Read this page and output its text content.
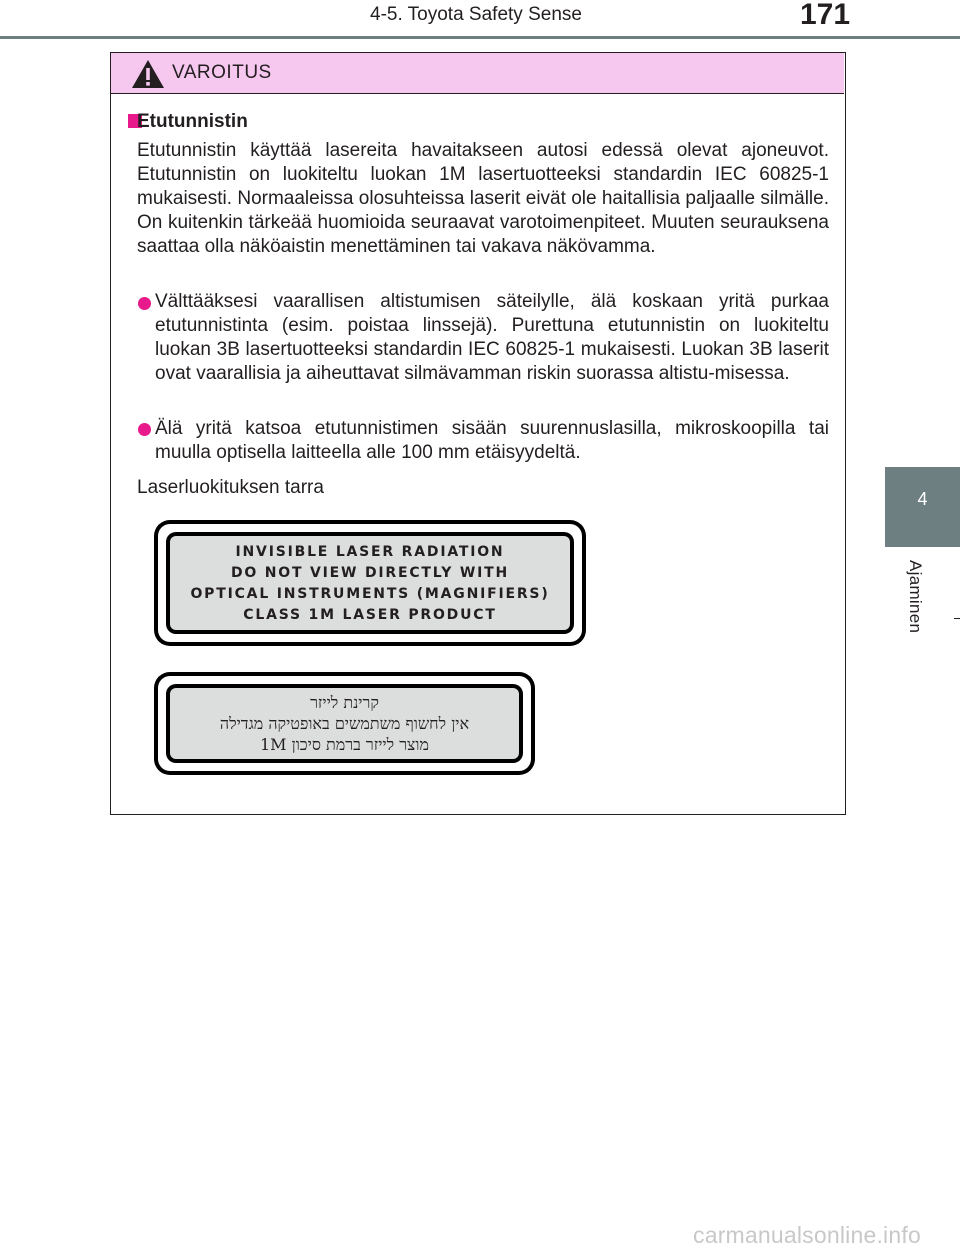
4-5. Toyota Safety Sense	171
4
Ajaminen
VAROITUS
Etutunnistin
Etutunnistin käyttää lasereita havaitakseen autosi edessä olevat ajoneuvot. Etutunnistin on luokiteltu luokan 1M lasertuotteeksi standardin IEC 60825-1 mukaisesti. Normaaleissa olosuhteissa laserit eivät ole haitallisia paljaalle silmälle. On kuitenkin tärkeää huomioida seuraavat varotoimenpiteet. Muuten seurauksena saattaa olla näköaistin menettäminen tai vakava näkövamma.
Välttääksesi vaarallisen altistumisen säteilylle, älä koskaan yritä purkaa etutunnistinta (esim. poistaa linssejä). Purettuna etutunnistin on luokiteltu luokan 3B lasertuotteeksi standardin IEC 60825-1 mukaisesti. Luokan 3B laserit ovat vaarallisia ja aiheuttavat silmävamman riskin suorassa altistu-misessa.
Älä yritä katsoa etutunnistimen sisään suurennuslasilla, mikroskoopilla tai muulla optisella laitteella alle 100 mm etäisyydeltä.
Laserluokituksen tarra
INVISIBLE LASER RADIATION
DO NOT VIEW DIRECTLY WITH
OPTICAL INSTRUMENTS (MAGNIFIERS)
CLASS 1M LASER PRODUCT
קרינת לייזר
אין לחשוף משתמשים באופטיקה מגדילה
מוצר לייזר ברמת סיכון 1M
carmanualsonline.info
